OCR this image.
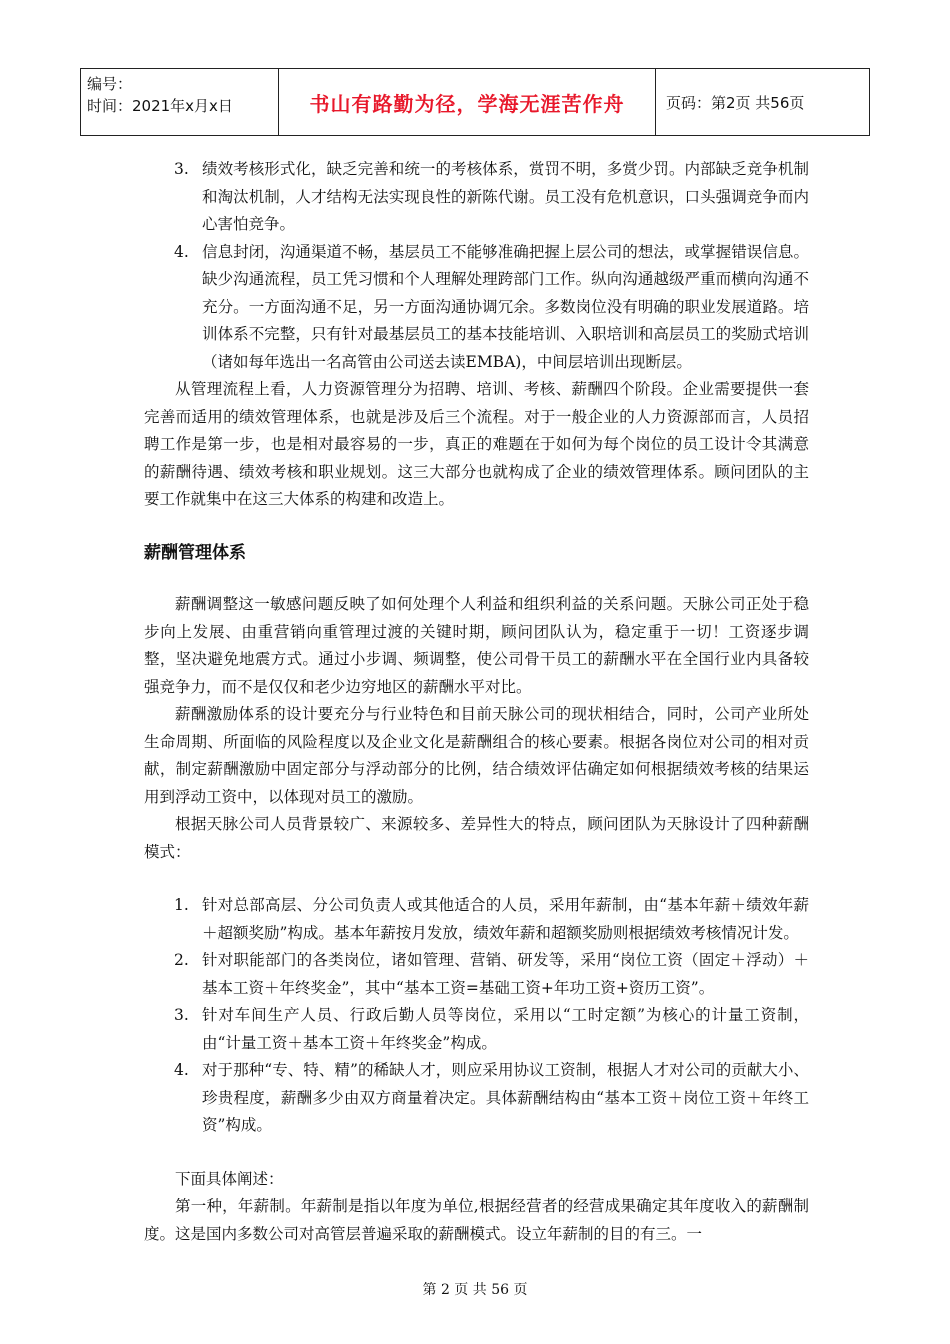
编号：
时间：2021年x月x日	书山有路勤为径，学海无涯苦作舟	页码：第2页 共56页
3. 绩效考核形式化，缺乏完善和统一的考核体系，赏罚不明，多赏少罚。内部缺乏竞争机制和淘汰机制，人才结构无法实现良性的新陈代谢。员工没有危机意识，口头强调竞争而内心害怕竞争。
4. 信息封闭，沟通渠道不畅，基层员工不能够准确把握上层公司的想法，或掌握错误信息。缺少沟通流程，员工凭习惯和个人理解处理跨部门工作。纵向沟通越级严重而横向沟通不充分。一方面沟通不足，另一方面沟通协调冗余。多数岗位没有明确的职业发展道路。培训体系不完整，只有针对最基层员工的基本技能培训、入职培训和高层员工的奖励式培训（诸如每年选出一名高管由公司送去读EMBA)，中间层培训出现断层。

从管理流程上看，人力资源管理分为招聘、培训、考核、薪酬四个阶段。企业需要提供一套完善而适用的绩效管理体系，也就是涉及后三个流程。对于一般企业的人力资源部而言，人员招聘工作是第一步，也是相对最容易的一步，真正的难题在于如何为每个岗位的员工设计令其满意的薪酬待遇、绩效考核和职业规划。这三大部分也就构成了企业的绩效管理体系。顾问团队的主要工作就集中在这三大体系的构建和改造上。

薪酬管理体系

薪酬调整这一敏感问题反映了如何处理个人利益和组织利益的关系问题。天脉公司正处于稳步向上发展、由重营销向重管理过渡的关键时期，顾问团队认为，稳定重于一切！工资逐步调整，坚决避免地震方式。通过小步调、频调整，使公司骨干员工的薪酬水平在全国行业内具备较强竞争力，而不是仅仅和老少边穷地区的薪酬水平对比。

薪酬激励体系的设计要充分与行业特色和目前天脉公司的现状相结合，同时，公司产业所处生命周期、所面临的风险程度以及企业文化是薪酬组合的核心要素。根据各岗位对公司的相对贡献，制定薪酬激励中固定部分与浮动部分的比例，结合绩效评估确定如何根据绩效考核的结果运用到浮动工资中，以体现对员工的激励。

根据天脉公司人员背景较广、来源较多、差异性大的特点，顾问团队为天脉设计了四种薪酬模式：

1. 针对总部高层、分公司负责人或其他适合的人员，采用年薪制，由“基本年薪＋绩效年薪＋超额奖励”构成。基本年薪按月发放，绩效年薪和超额奖励则根据绩效考核情况计发。
2. 针对职能部门的各类岗位，诸如管理、营销、研发等，采用“岗位工资（固定＋浮动）＋基本工资＋年终奖金”，其中“基本工资=基础工资+年功工资+资历工资”。
3. 针对车间生产人员、行政后勤人员等岗位，采用以“工时定额”为核心的计量工资制，由“计量工资＋基本工资＋年终奖金”构成。
4. 对于那种“专、特、精”的稀缺人才，则应采用协议工资制，根据人才对公司的贡献大小、珍贵程度，薪酬多少由双方商量着决定。具体薪酬结构由“基本工资＋岗位工资＋年终工资”构成。

下面具体阐述：

第一种，年薪制。年薪制是指以年度为单位,根据经营者的经营成果确定其年度收入的薪酬制度。这是国内多数公司对高管层普遍采取的薪酬模式。设立年薪制的目的有三。一

第 2 页 共 56 页
